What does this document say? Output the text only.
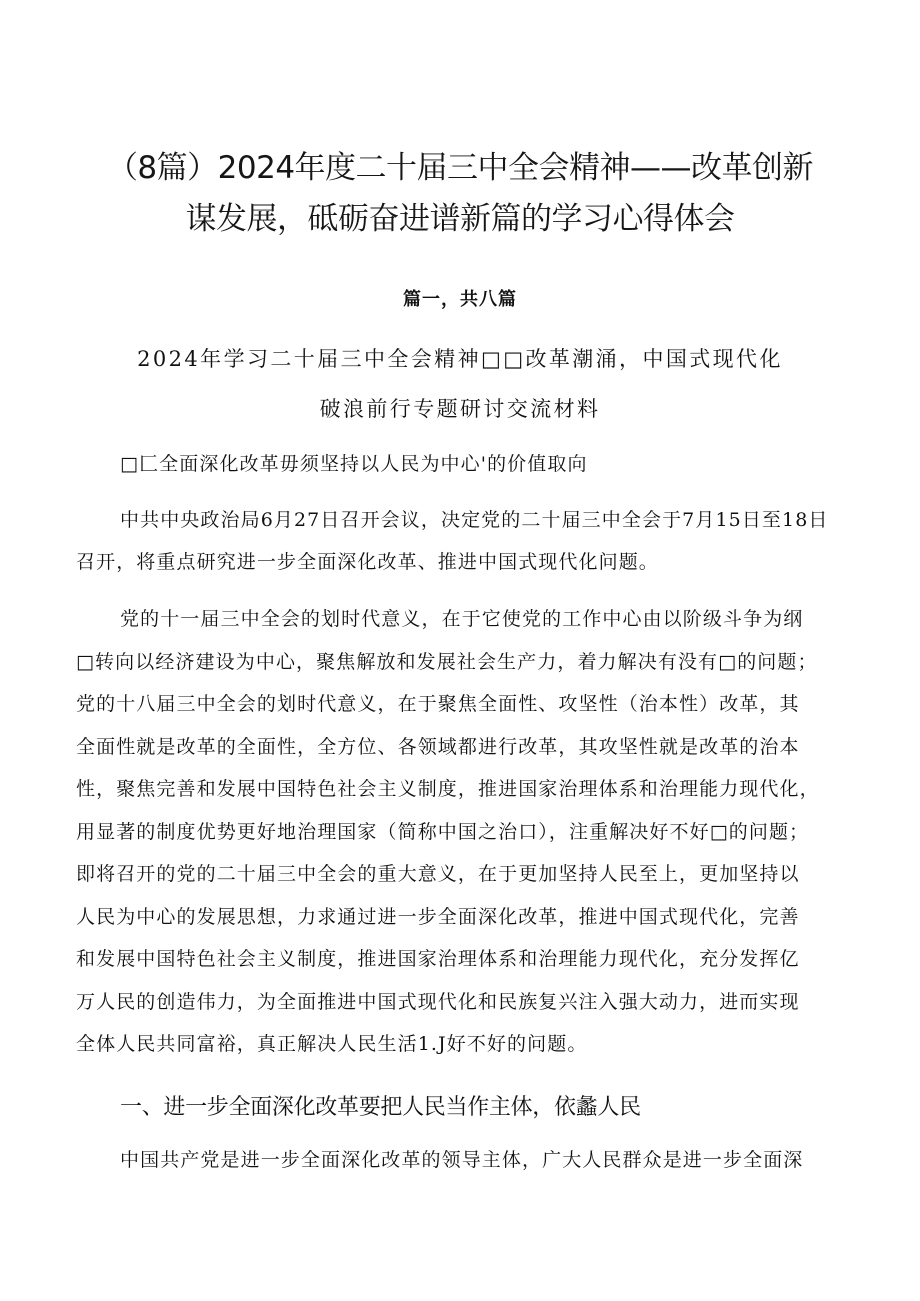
（8篇）2024年度二十届三中全会精神——改革创新
谋发展，砥砺奋进谱新篇的学习心得体会
篇一，共八篇
2024年学习二十届三中全会精神□□改革潮涌，中国式现代化
破浪前行专题研讨交流材料
□匚全面深化改革毋须坚持以人民为中心'的价值取向
中共中央政治局6月27日召开会议，决定党的二十届三中全会于7月15日至18日
召开，将重点研究进一步全面深化改革、推进中国式现代化问题。
党的十一届三中全会的划时代意义，在于它使党的工作中心由以阶级斗争为纲
□转向以经济建设为中心，聚焦解放和发展社会生产力，着力解决有没有□的问题；
党的十八届三中全会的划时代意义，在于聚焦全面性、攻坚性（治本性）改革，其
全面性就是改革的全面性，全方位、各领域都进行改革，其攻坚性就是改革的治本
性，聚焦完善和发展中国特色社会主义制度，推进国家治理体系和治理能力现代化，
用显著的制度优势更好地治理国家（简称中国之治口），注重解决好不好□的问题；
即将召开的党的二十届三中全会的重大意义，在于更加坚持人民至上，更加坚持以
人民为中心的发展思想，力求通过进一步全面深化改革，推进中国式现代化，完善
和发展中国特色社会主义制度，推进国家治理体系和治理能力现代化，充分发挥亿
万人民的创造伟力，为全面推进中国式现代化和民族复兴注入强大动力，进而实现
全体人民共同富裕，真正解决人民生活1.J好不好的问题。
一、进一步全面深化改革要把人民当作主体，依蠡人民
中国共产党是进一步全面深化改革的领导主体，广大人民群众是进一步全面深
